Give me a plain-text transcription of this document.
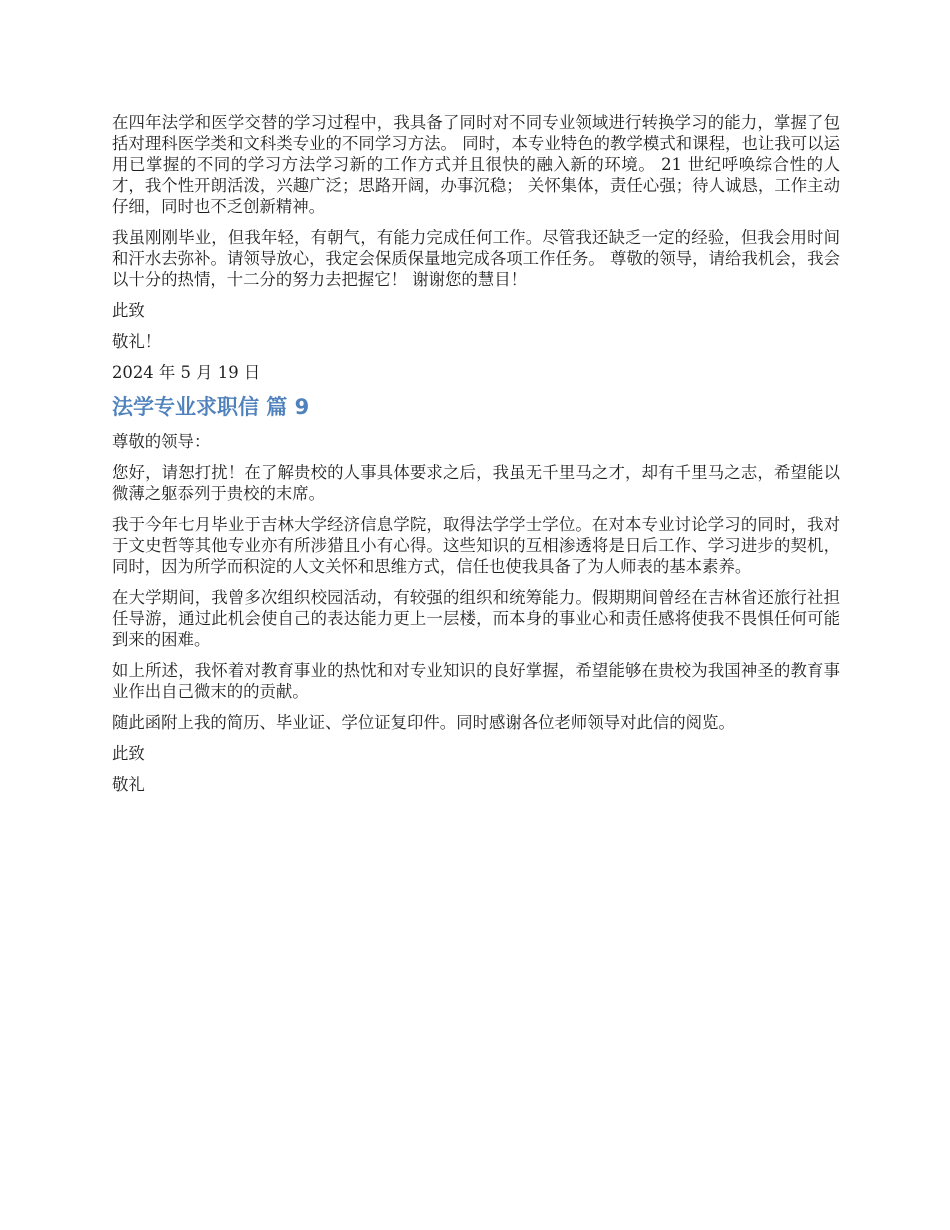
在四年法学和医学交替的学习过程中，我具备了同时对不同专业领域进行转换学习的能力，掌握了包括对理科医学类和文科类专业的不同学习方法。 同时，本专业特色的教学模式和课程，也让我可以运用已掌握的不同的学习方法学习新的工作方式并且很快的融入新的环境。 21 世纪呼唤综合性的人才，我个性开朗活泼，兴趣广泛；思路开阔，办事沉稳； 关怀集体，责任心强；待人诚恳，工作主动仔细，同时也不乏创新精神。

我虽刚刚毕业，但我年轻，有朝气，有能力完成任何工作。尽管我还缺乏一定的经验，但我会用时间和汗水去弥补。请领导放心，我定会保质保量地完成各项工作任务。 尊敬的领导，请给我机会，我会以十分的热情，十二分的努力去把握它！ 谢谢您的慧目！

此致

敬礼！

2024 年 5 月 19 日

法学专业求职信 篇 9

尊敬的领导：

您好，请恕打扰！在了解贵校的人事具体要求之后，我虽无千里马之才，却有千里马之志，希望能以微薄之躯忝列于贵校的末席。

我于今年七月毕业于吉林大学经济信息学院，取得法学学士学位。在对本专业讨论学习的同时，我对于文史哲等其他专业亦有所涉猎且小有心得。这些知识的互相渗透将是日后工作、学习进步的契机，同时，因为所学而积淀的人文关怀和思维方式，信任也使我具备了为人师表的基本素养。

在大学期间，我曾多次组织校园活动，有较强的组织和统筹能力。假期期间曾经在吉林省还旅行社担任导游，通过此机会使自己的表达能力更上一层楼，而本身的事业心和责任感将使我不畏惧任何可能到来的困难。

如上所述，我怀着对教育事业的热忱和对专业知识的良好掌握，希望能够在贵校为我国神圣的教育事业作出自己微末的的贡献。

随此函附上我的简历、毕业证、学位证复印件。同时感谢各位老师领导对此信的阅览。

此致

敬礼
